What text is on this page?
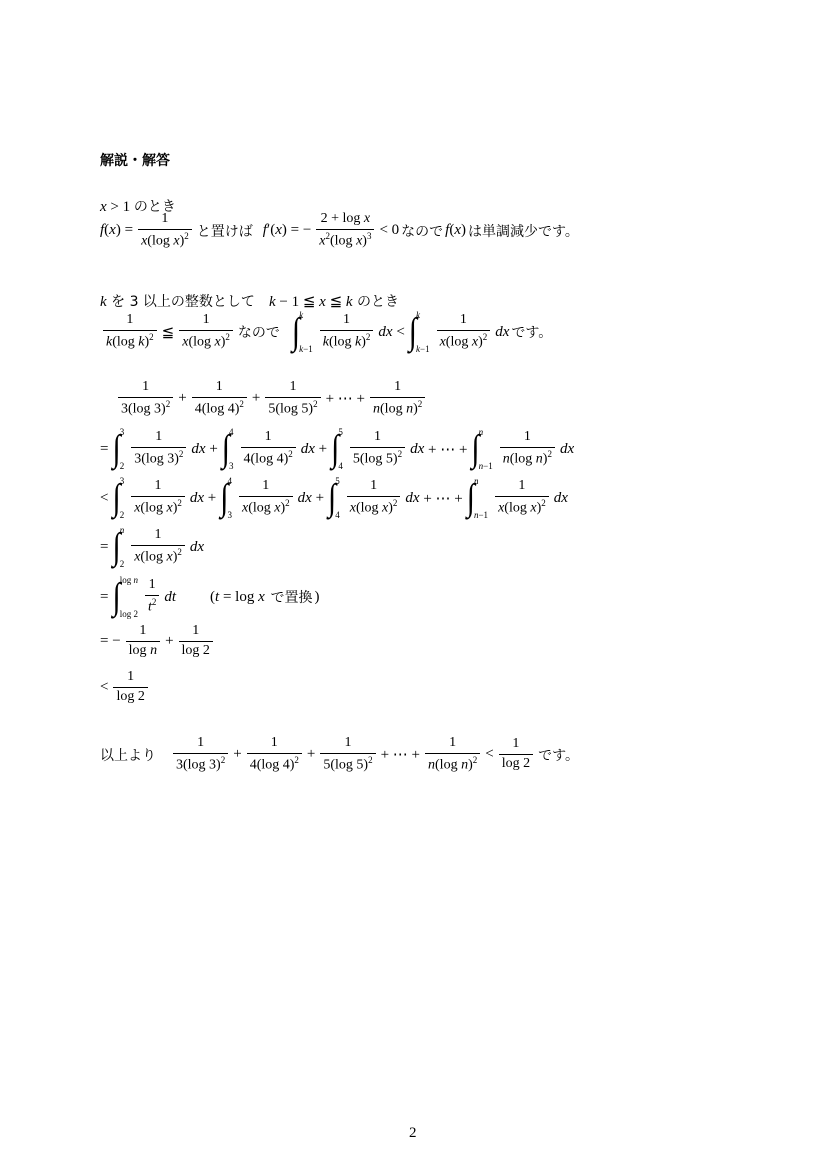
解説・解答
x > 1 のとき
f ( x ) = $\frac{1}{x(\log x)^2}$ と置けば f ′( x ) = − $\frac{\text{2 + log x}}{x^2(\log x)^3} < 0$ なので f ( x ) は単調減少です。
k を 3 以上の整数として　k − 1 ≦ x ≦ k のとき
$\frac{1}{k(\log k)^2}$ ≦ $\frac{1}{x(\log x)^2}$ なので ∫ k
$k-1 \frac{1}{k(\log k)^2}$ dx < ∫ k
$k-1 \frac{1}{x(\log x)^2}$ dx です。
$\frac{1}{3(\log 3)^2} + \frac{1}{4(\log 4)^2} + \frac{1}{5(\log 5)^2}$ + ⋯ + $\frac{1}{n(\log n)^2}$
= ∫ 3
$2 \frac{1}{3(\log 3)^2}$ dx + ∫ 4
$3 \frac{1}{4(\log 4)^2}$ dx + ∫ 5
$4 \frac{1}{5(\log 5)^2}$ dx + ⋯ + ∫ n
$n-1 \frac{1}{n(\log n)^2}$ dx
< ∫ 3
$2 \frac{1}{x(\log x)^2}$ dx + ∫ 4
$3 \frac{1}{x(\log x)^2}$ dx + ∫ 5
$4 \frac{1}{x(\log x)^2}$ dx + ⋯ + ∫ n
$n-1 \frac{1}{x(\log x)^2}$ dx
= ∫ n
$2 \frac{1}{x(\log x)^2}$ dx
= ∫ log n
$\log 2 \frac{1}{t^2}$ dt ( t = log x
で置換 )
= − $\frac{1}{\text{log n}} + \frac{1}{\log 2}$
< $\frac{1}{\log 2}$
以上より $\frac{1}{3(\log 3)^2} + \frac{1}{4(\log 4)^2} + \frac{1}{5(\log 5)^2}$ + ⋯ + $\frac{1}{n(\log n)^2} < \frac{1}{\log 2}$ です。
2
